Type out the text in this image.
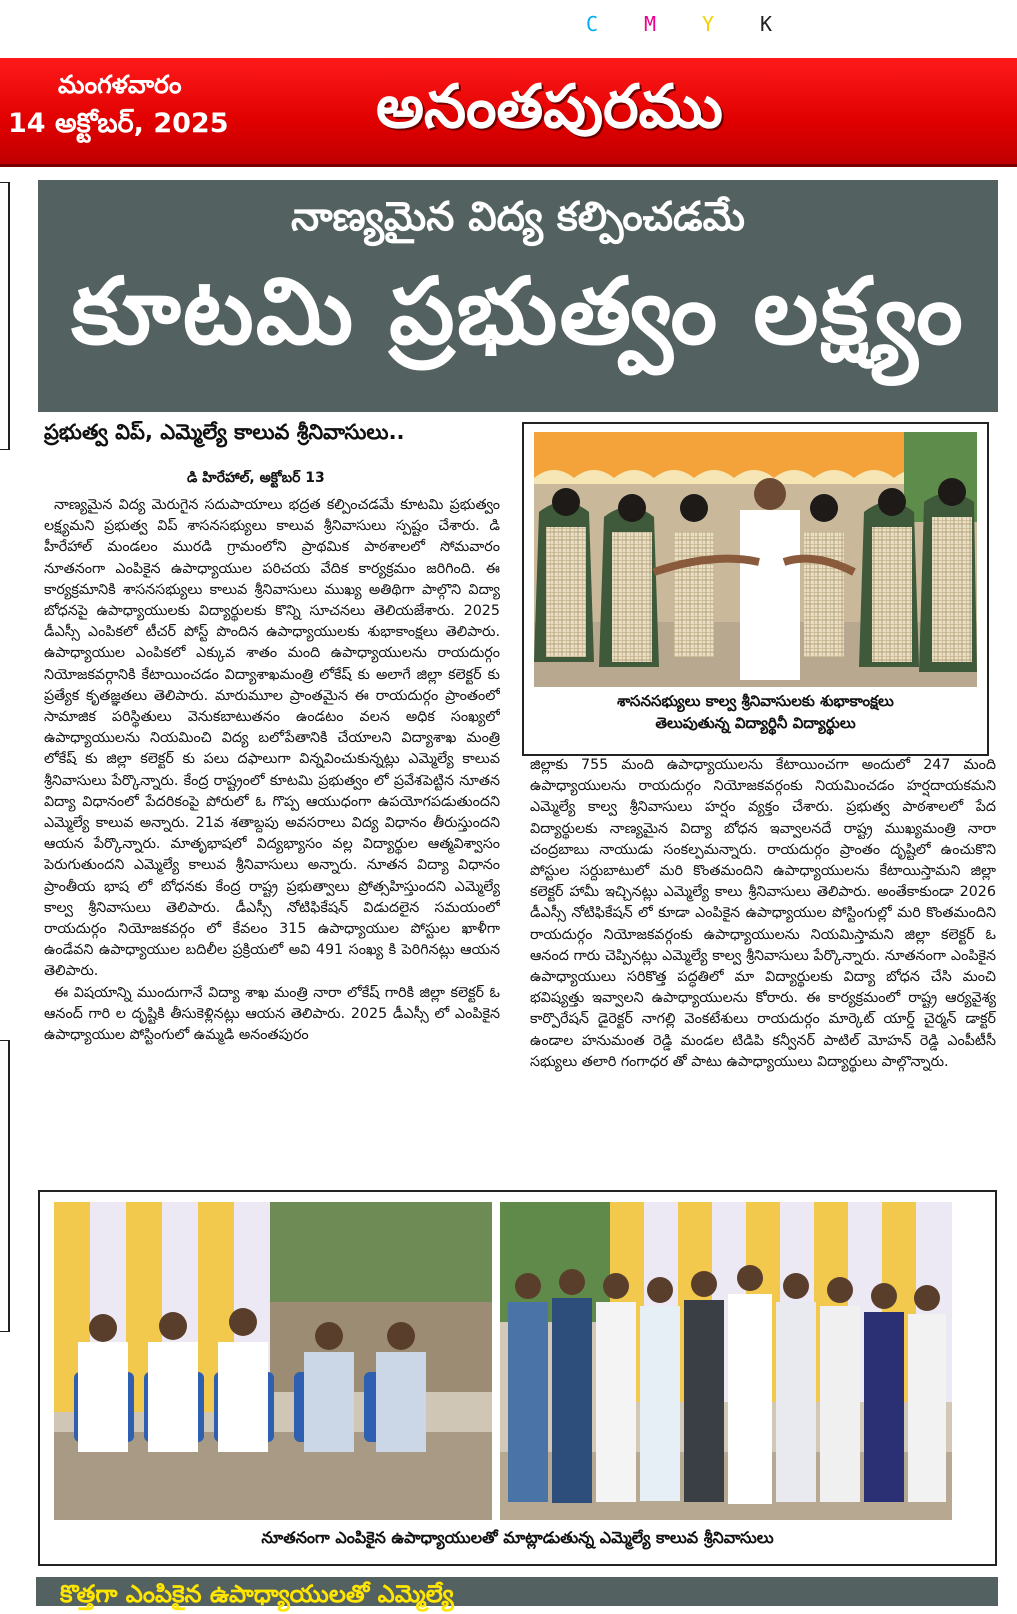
C M Y K
మంగళవారం
14 అక్టోబర్, 2025 అనంతపురము
నాణ్యమైన విద్య కల్పించడమే
కూటమి ప్రభుత్వం లక్ష్యం
ప్రభుత్వ విప్, ఎమ్మెల్యే కాలువ శ్రీనివాసులు..
డి హిరేహాల్, అక్టోబర్ 13
నాణ్యమైన విద్య మెరుగైన సదుపాయాలు భద్రత కల్పించడమే కూటమి ప్రభుత్వం లక్ష్యమని ప్రభుత్వ విప్ శాసనసభ్యులు కాలువ శ్రీనివాసులు స్పష్టం చేశారు. డి హీరేహాల్ మండలం మురడి గ్రామంలోని ప్రాథమిక పాఠశాలలో సోమవారం నూతనంగా ఎంపికైన ఉపాధ్యాయుల పరిచయ వేదిక కార్యక్రమం జరిగింది. ఈ కార్యక్రమానికి శాసనసభ్యులు కాలువ శ్రీనివాసులు ముఖ్య అతిథిగా పాల్గొని విద్యా బోధనపై ఉపాధ్యాయులకు విద్యార్థులకు కొన్ని సూచనలు తెలియజేశారు. 2025 డీఎస్సీ ఎంపికలో టీచర్ పోస్ట్ పొందిన ఉపాధ్యాయులకు శుభాకాంక్షలు తెలిపారు. ఉపాధ్యాయుల ఎంపికలో ఎక్కువ శాతం మంది ఉపాధ్యాయులను రాయదుర్గం నియోజకవర్గానికి కేటాయించడం విద్యాశాఖమంత్రి లోకేష్ కు అలాగే జిల్లా కలెక్టర్ కు ప్రత్యేక కృతజ్ఞతలు తెలిపారు. మారుమూల ప్రాంతమైన ఈ రాయదుర్గం ప్రాంతంలో సామాజిక పరిస్థితులు వెనుకబాటుతనం ఉండటం వలన అధిక సంఖ్యలో ఉపాధ్యాయులను నియమించి విద్య బలోపేతానికి చేయాలని విద్యాశాఖ మంత్రి లోకేష్ కు జిల్లా కలెక్టర్ కు పలు దఫాలుగా విన్నవించుకున్నట్లు ఎమ్మెల్యే కాలువ శ్రీనివాసులు పేర్కొన్నారు. కేంద్ర రాష్ట్రంలో కూటమి ప్రభుత్వం లో ప్రవేశపెట్టిన నూతన విద్యా విధానంలో పేదరికంపై పోరులో ఓ గొప్ప ఆయుధంగా ఉపయోగపడుతుందని ఎమ్మెల్యే కాలువ అన్నారు. 21వ శతాబ్దపు అవసరాలు విద్య విధానం తీరుస్తుందని ఆయన పేర్కొన్నారు. మాతృభాషలో విద్యభ్యాసం వల్ల విద్యార్థుల ఆత్మవిశ్వాసం పెరుగుతుందని ఎమ్మెల్యే కాలువ శ్రీనివాసులు అన్నారు. నూతన విద్యా విధానం ప్రాంతీయ భాష లో బోధనకు కేంద్ర రాష్ట్ర ప్రభుత్వాలు ప్రోత్సహిస్తుందని ఎమ్మెల్యే కాల్వ శ్రీనివాసులు తెలిపారు. డీఎస్సీ నోటిఫికేషన్ విడుదలైన సమయంలో రాయదుర్గం నియోజకవర్గం లో కేవలం 315 ఉపాధ్యాయుల పోస్టుల ఖాళీగా ఉండేవని ఉపాధ్యాయుల బదిలీల ప్రక్రియలో అవి 491 సంఖ్య కి పెరిగినట్లు ఆయన తెలిపారు.
ఈ విషయాన్ని ముందుగానే విద్యా శాఖ మంత్రి నారా లోకేష్ గారికి జిల్లా కలెక్టర్ ఓ ఆనంద్ గారి ల దృష్టికి తీసుకెళ్లినట్లు ఆయన తెలిపారు. 2025 డీఎస్సీ లో ఎంపికైన ఉపాధ్యాయుల పోస్టింగులో ఉమ్మడి అనంతపురం
శాసనసభ్యులు కాల్వ శ్రీనివాసులకు శుభాకాంక్షలు
తెలుపుతున్న విద్యార్థినీ విద్యార్థులు
జిల్లాకు 755 మంది ఉపాధ్యాయులను కేటాయించగా అందులో 247 మంది ఉపాధ్యాయులను రాయదుర్గం నియోజకవర్గంకు నియమించడం హర్షదాయకమని ఎమ్మెల్యే కాల్వ శ్రీనివాసులు హర్షం వ్యక్తం చేశారు. ప్రభుత్వ పాఠశాలలో పేద విద్యార్థులకు నాణ్యమైన విద్యా బోధన ఇవ్వాలనదే రాష్ట్ర ముఖ్యమంత్రి నారా చంద్రబాబు నాయుడు సంకల్పమన్నారు. రాయదుర్గం ప్రాంతం దృష్టిలో ఉంచుకొని పోస్టుల సర్దుబాటులో మరి కొంతమందిని ఉపాధ్యాయులను కేటాయిస్తామని జిల్లా కలెక్టర్ హామీ ఇచ్చినట్లు ఎమ్మెల్యే కాలు శ్రీనివాసులు తెలిపారు. అంతేకాకుండా 2026 డీఎస్సీ నోటిఫికేషన్ లో కూడా ఎంపికైన ఉపాధ్యాయుల పోస్టింగుల్లో మరి కొంతమందిని రాయదుర్గం నియోజకవర్గంకు ఉపాధ్యాయులను నియమిస్తామని జిల్లా కలెక్టర్ ఓ ఆనంద గారు చెప్పినట్లు ఎమ్మెల్యే కాల్వ శ్రీనివాసులు పేర్కొన్నారు. నూతనంగా ఎంపికైన ఉపాధ్యాయులు సరికొత్త పద్ధతిలో మా విద్యార్థులకు విద్యా బోధన చేసి మంచి భవిష్యత్తు ఇవ్వాలని ఉపాధ్యాయులను కోరారు. ఈ కార్యక్రమంలో రాష్ట్ర ఆర్యవైశ్య కార్పొరేషన్ డైరెక్టర్ నాగల్లి వెంకటేశులు రాయదుర్గం మార్కెట్ యార్డ్ చైర్మన్ డాక్టర్ ఉండాల హనుమంత రెడ్డి మండల టిడిపి కన్వీనర్ పాటిల్ మోహన్ రెడ్డి ఎంపీటీసీ సభ్యులు తలారి గంగాధర తో పాటు ఉపాధ్యాయులు విద్యార్థులు పాల్గొన్నారు.
నూతనంగా ఎంపికైన ఉపాధ్యాయులతో మాట్లాడుతున్న ఎమ్మెల్యే కాలువ శ్రీనివాసులు
కొత్తగా ఎంపికైన ఉపాధ్యాయులతో ఎమ్మెల్యే
